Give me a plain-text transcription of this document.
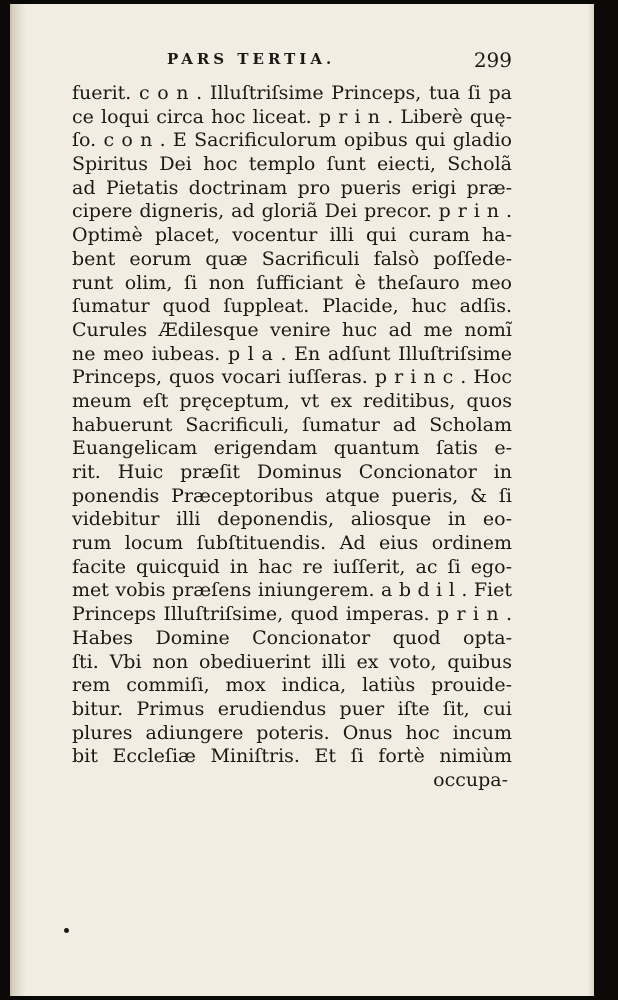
PARS TERTIA.	299
fuerit. c o n . Illuſtriſsime Princeps, tua ſi pa
ce loqui circa hoc liceat. p r i n . Liberè quę-
ſo. c o n . E Sacrificulorum opibus qui gladio
Spiritus Dei hoc templo ſunt eiecti, Scholã
ad Pietatis doctrinam pro pueris erigi præ-
cipere digneris, ad gloriã Dei precor. p r i n .
Optimè placet, vocentur illi qui curam ha-
bent eorum quæ Sacrificuli falsò poſſede-
runt olim, ſi non ſufficiant è theſauro meo
ſumatur quod ſuppleat. Placide, huc adſis.
Curules Ædilesque venire huc ad me nomĩ
ne meo iubeas. p l a . En adſunt Illuſtriſsime
Princeps, quos vocari iuſſeras. p r i n c . Hoc
meum eſt pręceptum, vt ex reditibus, quos
habuerunt Sacrificuli, ſumatur ad Scholam
Euangelicam erigendam quantum ſatis e-
rit. Huic præſit Dominus Concionator in
ponendis Præceptoribus atque pueris, & ſi
videbitur illi deponendis, aliosque in eo-
rum locum ſubſtituendis. Ad eius ordinem
facite quicquid in hac re iuſſerit, ac ſi ego-
met vobis præſens iniungerem. a b d i l . Fiet
Princeps Illuſtriſsime, quod imperas. p r i n .
Habes Domine Concionator quod opta-
ſti. Vbi non obediuerint illi ex voto, quibus
rem commiſi, mox indica, latiùs prouide-
bitur. Primus erudiendus puer iſte ſit, cui
plures adiungere poteris. Onus hoc incum
bit Eccleſiæ Miniſtris. Et ſi fortè nimiùm
occupa-
